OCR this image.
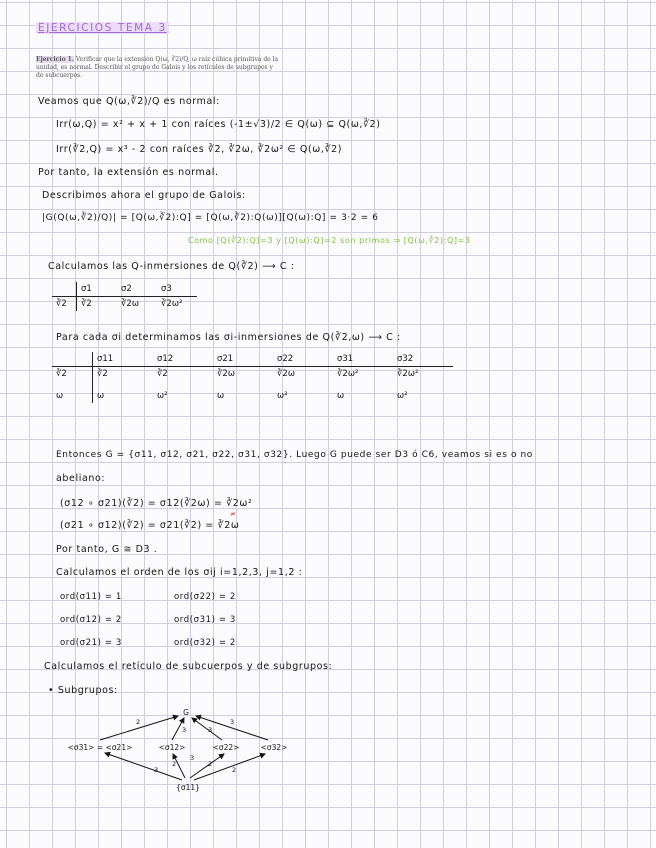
EJERCICIOS TEMA 3
Ejercicio 1. Verificar que la extensión Q(ω, ∛2)/Q, ω raíz cúbica primitiva de la unidad, es normal. Describir el grupo de Galois y los retículos de subgrupos y de subcuerpos.
Veamos que Q(ω,∛2)/Q es normal:
Irr(ω,Q) = x² + x + 1 con raíces (-1±√3)/2 ∈ Q(ω) ⊆ Q(ω,∛2)
Irr(∛2,Q) = x³ - 2 con raíces ∛2, ∛2ω, ∛2ω² ∈ Q(ω,∛2)
Por tanto, la extensión es normal.
Describimos ahora el grupo de Galois:
|G(Q(ω,∛2)/Q)| = [Q(ω,∛2):Q] = [Q(ω,∛2):Q(ω)][Q(ω):Q] = 3·2 = 6
Como [Q(∛2):Q]=3 y [Q(ω):Q]=2 son primos ⇒ [Q(ω,∛2):Q]=3
Calculamos las Q-inmersiones de Q(∛2) ⟶ C :
	σ1	σ2	σ3
∛2	∛2	∛2ω	∛2ω²
Para cada σi determinamos las σi-inmersiones de Q(∛2,ω) ⟶ C :
	σ11	σ12	σ21	σ22	σ31	σ32
∛2	∛2	∛2	∛2ω	∛2ω	∛2ω²	∛2ω²
ω	ω	ω²	ω	ω²	ω	ω²
Entonces G = {σ11, σ12, σ21, σ22, σ31, σ32}. Luego G puede ser D3 ó C6, veamos si es o no
abeliano:
(σ12 ∘ σ21)(∛2) = σ12(∛2ω) = ∛2ω²
≠
(σ21 ∘ σ12)(∛2) = σ21(∛2) = ∛2ω
Por tanto, G ≅ D3 .
Calculamos el orden de los σij i=1,2,3, j=1,2 :
ord(σ11) = 1	ord(σ22) = 2
ord(σ12) = 2	ord(σ31) = 3
ord(σ21) = 3	ord(σ32) = 2
Calculamos el retículo de subcuerpos y de subgrupos:
• Subgrupos:
G
<σ31> = <σ21>	<σ12>	<σ22>	<σ32>
{σ11}
2
3	3
3
3
2	2
2
3
